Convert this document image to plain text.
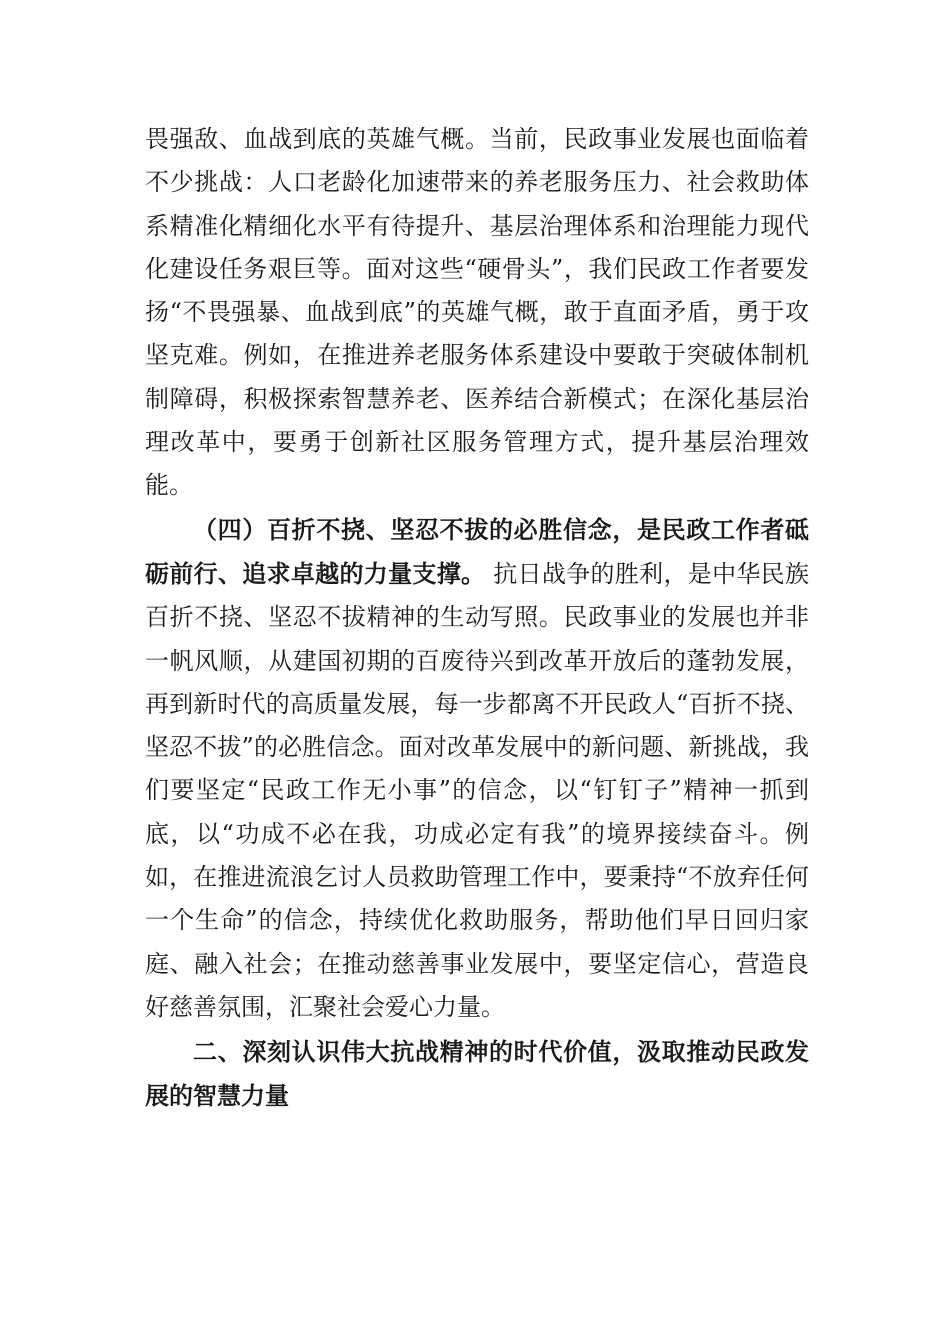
畏强敌、血战到底的英雄气概。当前，民政事业发展也面临着不少挑战：人口老龄化加速带来的养老服务压力、社会救助体系精准化精细化水平有待提升、基层治理体系和治理能力现代化建设任务艰巨等。面对这些“硬骨头”，我们民政工作者要发扬“不畏强暴、血战到底”的英雄气概，敢于直面矛盾，勇于攻坚克难。例如，在推进养老服务体系建设中要敢于突破体制机制障碍，积极探索智慧养老、医养结合新模式；在深化基层治理改革中，要勇于创新社区服务管理方式，提升基层治理效能。

（四）百折不挠、坚忍不拔的必胜信念，是民政工作者砥砺前行、追求卓越的力量支撑。 抗日战争的胜利，是中华民族百折不挠、坚忍不拔精神的生动写照。民政事业的发展也并非一帆风顺，从建国初期的百废待兴到改革开放后的蓬勃发展，再到新时代的高质量发展，每一步都离不开民政人“百折不挠、坚忍不拔”的必胜信念。面对改革发展中的新问题、新挑战，我们要坚定“民政工作无小事”的信念，以“钉钉子”精神一抓到底，以“功成不必在我，功成必定有我”的境界接续奋斗。例如，在推进流浪乞讨人员救助管理工作中，要秉持“不放弃任何一个生命”的信念，持续优化救助服务，帮助他们早日回归家庭、融入社会；在推动慈善事业发展中，要坚定信心，营造良好慈善氛围，汇聚社会爱心力量。

二、深刻认识伟大抗战精神的时代价值，汲取推动民政发展的智慧力量
